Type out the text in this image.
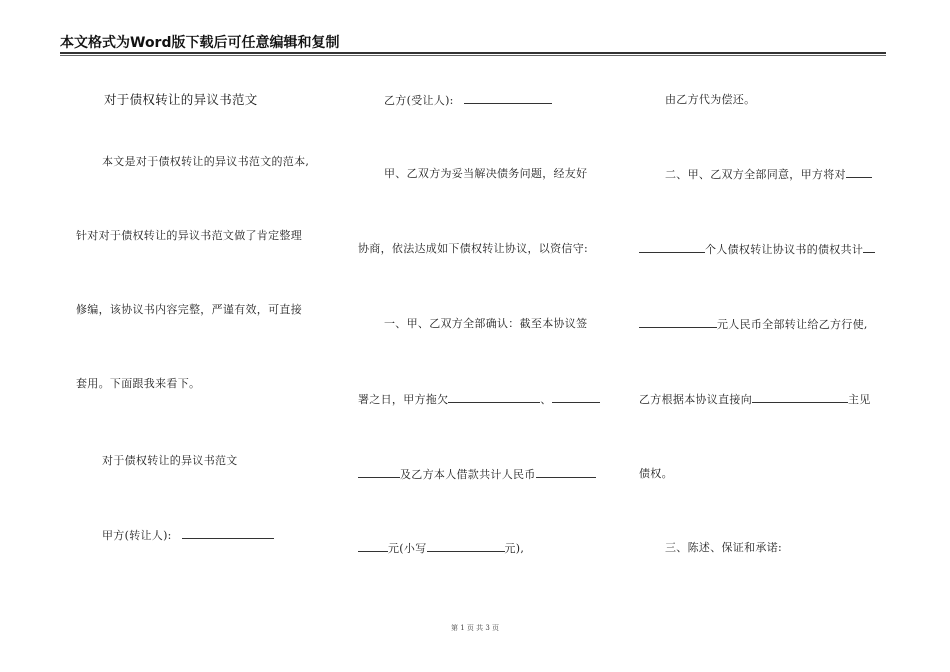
本文格式为Word版下载后可任意编辑和复制
对于债权转让的异议书范文
本文是对于债权转让的异议书范文的范本,
针对对于债权转让的异议书范文做了肯定整理
修编，该协议书内容完整，严谨有效，可直接
套用。下面跟我来看下。
对于债权转让的异议书范文
甲方(转让人):
乙方(受让人):
甲、乙双方为妥当解决债务问题，经友好
协商，依法达成如下债权转让协议，以资信守:
一、甲、乙双方全部确认：截至本协议签
署之日，甲方拖欠	、
及乙方本人借款共计人民币
元(小写	元),
由乙方代为偿还。
二、甲、乙双方全部同意，甲方将对
个人债权转让协议书的债权共计
元人民币全部转让给乙方行使,
乙方根据本协议直接向	主见
债权。
三、陈述、保证和承诺:
第 1 页 共 3 页
